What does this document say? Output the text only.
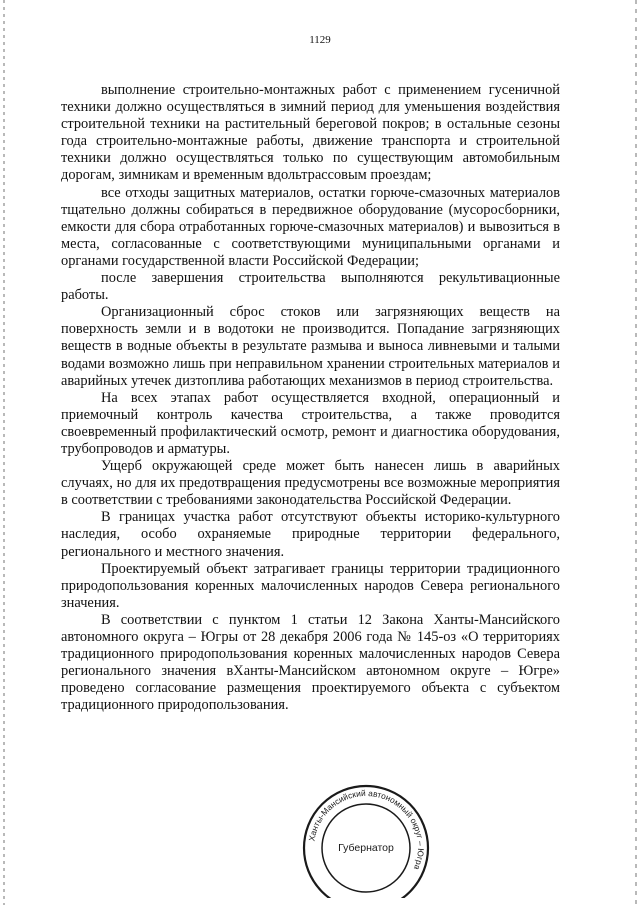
1129

выполнение строительно-монтажных работ с применением гусеничной техники должно осуществляться в зимний период для уменьшения воздействия строительной техники на растительный береговой покров; в остальные сезоны года строительно-монтажные работы, движение транспорта и строительной техники должно осуществляться только по существующим автомобильным дорогам, зимникам и временным вдольтрассовым проездам;

все отходы защитных материалов, остатки горюче-смазочных материалов тщательно должны собираться в передвижное оборудование (мусоросборники, емкости для сбора отработанных горюче-смазочных материалов) и вывозиться в места, согласованные с соответствующими муниципальными органами и органами государственной власти Российской Федерации;

после завершения строительства выполняются рекультивационные работы.

Организационный сброс стоков или загрязняющих веществ на поверхность земли и в водотоки не производится. Попадание загрязняющих веществ в водные объекты в результате размыва и выноса ливневыми и талыми водами возможно лишь при неправильном хранении строительных материалов и аварийных утечек дизтоплива работающих механизмов в период строительства.

На всех этапах работ осуществляется входной, операционный и приемочный контроль качества строительства, а также проводится своевременный профилактический осмотр, ремонт и диагностика оборудования, трубопроводов и арматуры.

Ущерб окружающей среде может быть нанесен лишь в аварийных случаях, но для их предотвращения предусмотрены все возможные мероприятия в соответствии с требованиями законодательства Российской Федерации.

В границах участка работ отсутствуют объекты историко-культурного наследия, особо охраняемые природные территории федерального, регионального и местного значения.

Проектируемый объект затрагивает границы территории традиционного природопользования коренных малочисленных народов Севера регионального значения.

В соответствии с пунктом 1 статьи 12 Закона Ханты-Мансийского автономного округа – Югры от 28 декабря 2006 года № 145-оз «О территориях традиционного природопользования коренных малочисленных народов Севера регионального значения вХанты-Мансийском автономном округе – Югре» проведено согласование размещения проектируемого объекта с субъектом традиционного природопользования.

Ханты-Мансийский автономный округ – Югра
Губернатор
